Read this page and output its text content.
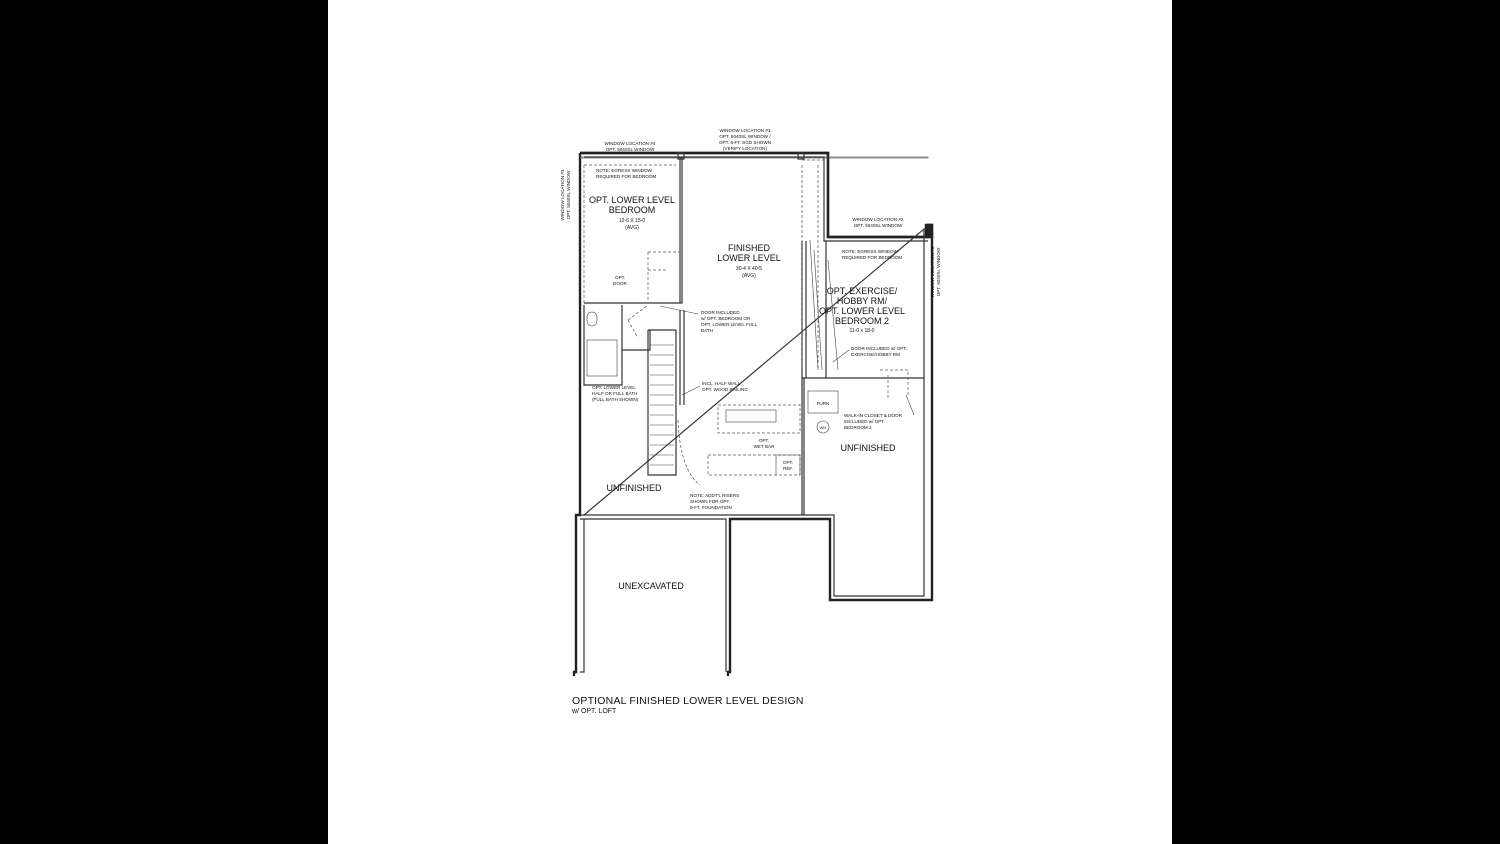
OPT. LOWER LEVEL
BEDROOM
12-6 X 15-0
(AVG)
FINISHED
LOWER LEVEL
30-4 X 40-5
(AVG)
OPT. EXERCISE/
HOBBY RM/
OPT. LOWER LEVEL
BEDROOM 2
11-0 x 18-0
UNFINISHED
UNFINISHED
UNEXCAVATED
WINDOW LOCATION #1
OPT. 5040SL WINDOW /
OPT. 6-FT. SGD SHOWN
(VERIFY LOCATION)
WINDOW LOCATION #4
OPT. 5040SL WINDOW
WINDOW LOCATION #2
OPT. 5040SL WINDOW
WINDOW LOCATION #3 OPT. 5040SL WINDOW
WINDOW LOCATION #5 OPT. 5040SL WINDOW
NOTE: EGRESS WINDOW
REQUIRED FOR BEDROOM
NOTE: EGRESS WINDOW
REQUIRED FOR BEDROOM
OPT.
DOOR
DOOR INCLUDED
w/ OPT. BEDROOM OR
OPT. LOWER LEVEL FULL
BATH
DOOR INCLUDED w/ OPT.
EXERCISE/HOBBY RM
OPT. LOWER LEVEL
HALF OR FULL BATH
(FULL BATH SHOWN)
INCL. HALF WALL
OPT. WOOD RAILING
OPT.
WET BAR
OPT.
REF.
NOTE: ADDT'L RISERS
SHOWN FOR OPT.
9-FT. FOUNDATION
WALK-IN CLOSET & DOOR
INCLUDED w/ OPT.
BEDROOM 2
FURN
WH
OPTIONAL FINISHED LOWER LEVEL DESIGN
w/ OPT. LOFT
